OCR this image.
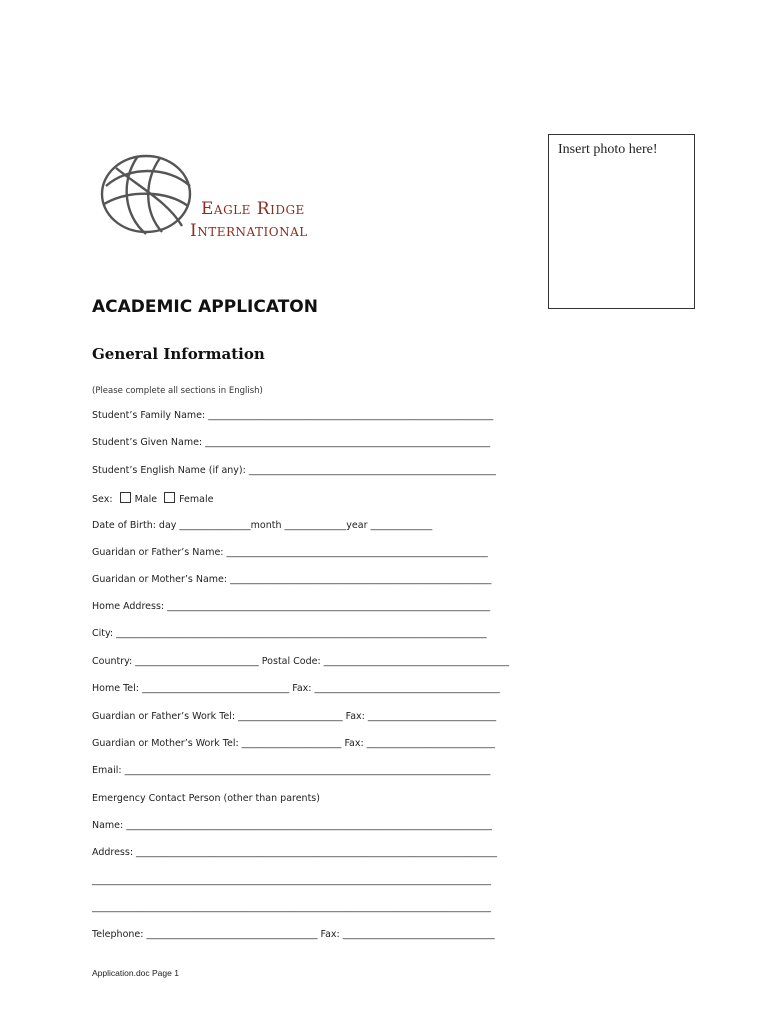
Eagle Ridge
International
Insert photo here!
ACADEMIC APPLICATON
General Information
(Please complete all sections in English)
Student’s Family Name: ____________________________________________________________
Student’s Given Name: ____________________________________________________________
Student’s English Name (if any): ____________________________________________________
Sex: Male Female
Date of Birth: day _______________month _____________year _____________
Guaridan or Father’s Name: _______________________________________________________
Guaridan or Mother’s Name: _______________________________________________________
Home Address: ____________________________________________________________________
City: ______________________________________________________________________________
Country: __________________________ Postal Code: _______________________________________
Home Tel: _______________________________ Fax: _______________________________________
Guardian or Father’s Work Tel: ______________________ Fax: ___________________________
Guardian or Mother’s Work Tel: _____________________ Fax: ___________________________
Email: _____________________________________________________________________________
Emergency Contact Person (other than parents)
Name: _____________________________________________________________________________
Address: ____________________________________________________________________________
____________________________________________________________________________________
____________________________________________________________________________________
Telephone: ____________________________________ Fax: ________________________________
Application.doc Page 1
